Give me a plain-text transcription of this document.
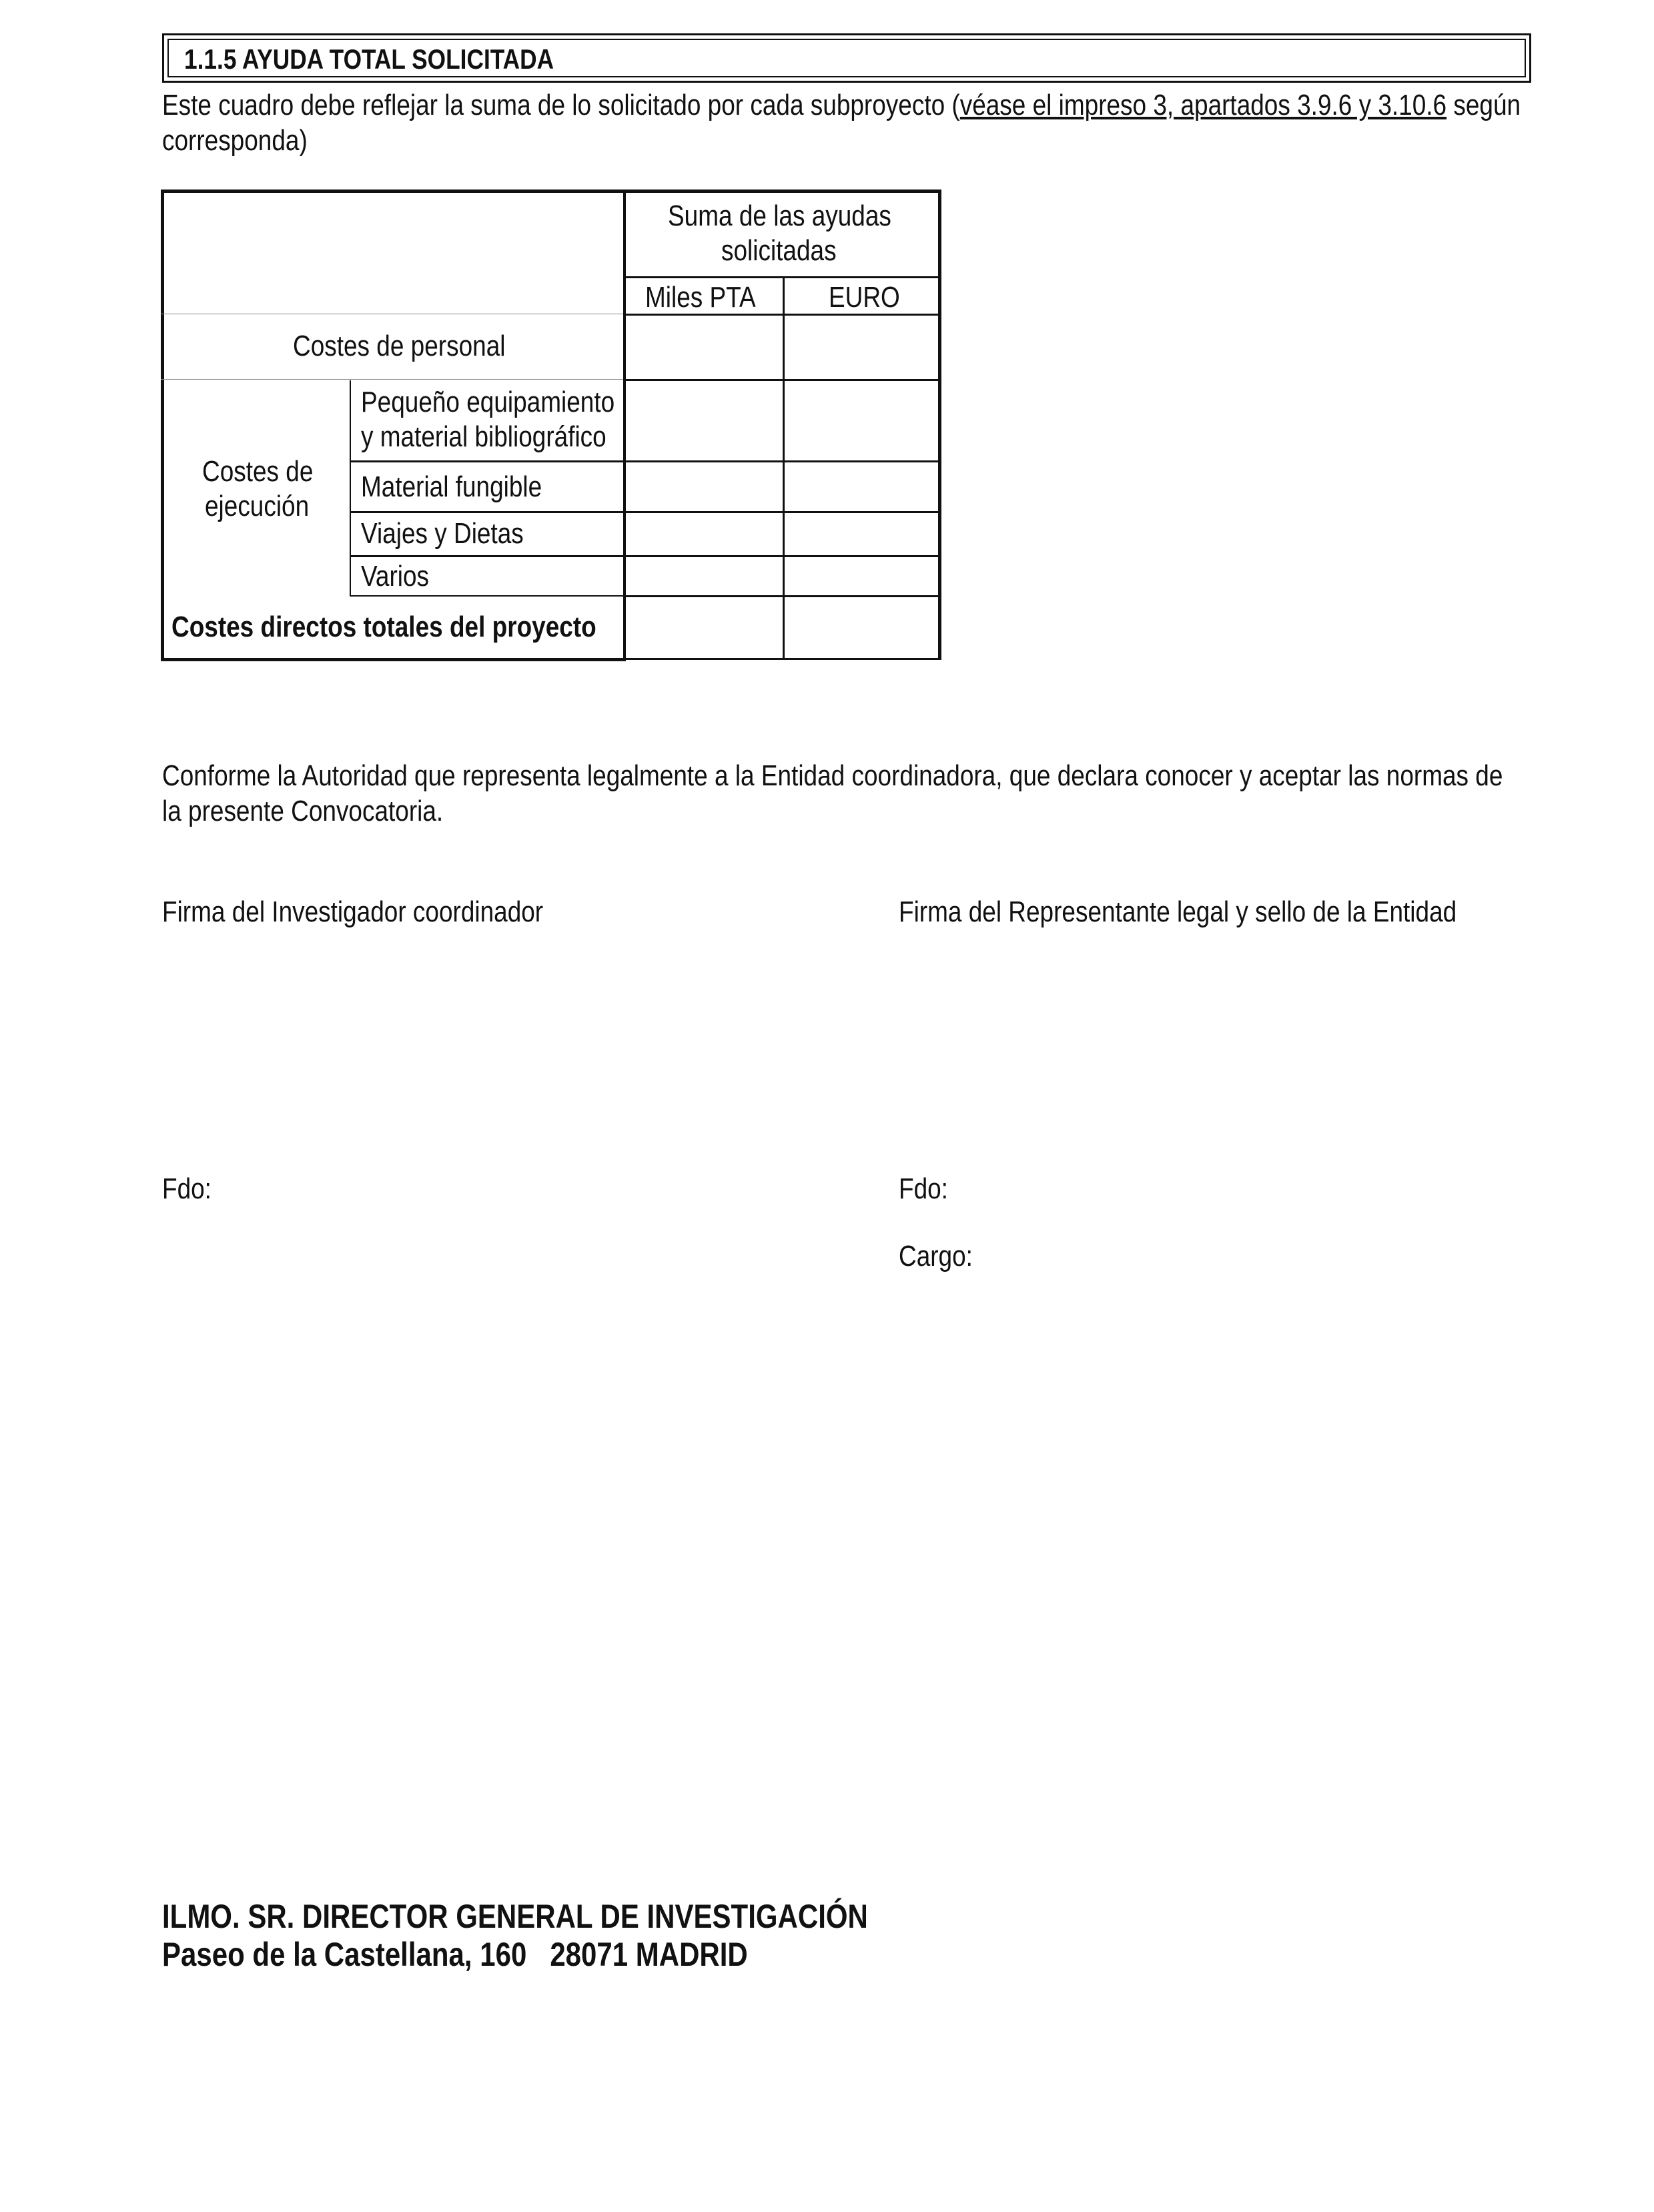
1.1.5 AYUDA TOTAL SOLICITADA
Este cuadro debe reflejar la suma de lo solicitado por cada subproyecto (véase el impreso 3, apartados 3.9.6 y 3.10.6 según
corresponda)
Suma de las ayudas
solicitadas
Miles PTA EURO
Costes de personal
Costes de
ejecución
Pequeño equipamiento
y material bibliográfico
Material fungible
Viajes y Dietas
Varios
Costes directos totales del proyecto
Conforme la Autoridad que representa legalmente a la Entidad coordinadora, que declara conocer y aceptar las normas de
la presente Convocatoria.
Firma del Investigador coordinador	Firma del Representante legal y sello de la Entidad
Fdo:	Fdo:
Cargo:
ILMO. SR. DIRECTOR GENERAL DE INVESTIGACIÓN
Paseo de la Castellana, 160   28071 MADRID
